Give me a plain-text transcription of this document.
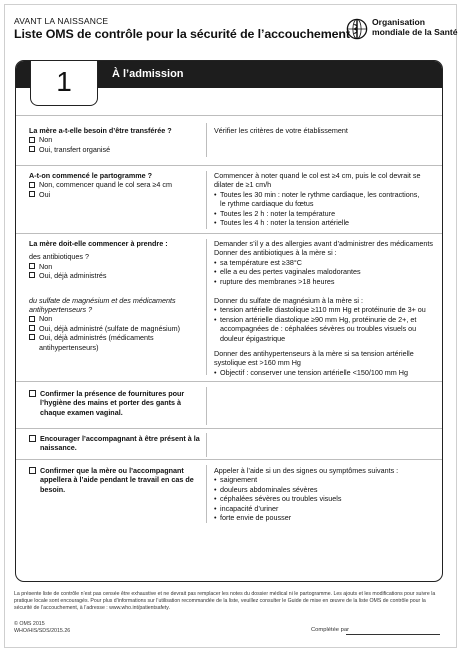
AVANT LA NAISSANCE
Liste OMS de contrôle pour la sécurité de l’accouchement
Organisation
mondiale de la Santé
À l’admission
1
La mère a-t-elle besoin d’être transférée ?
Non
Oui, transfert organisé
Vérifier les critères de votre établissement
A-t-on commencé le partogramme ?
Non, commencer quand le col sera ≥4 cm
Oui
Commencer à noter quand le col est ≥4 cm, puis le col devrait se dilater de ≥1 cm/h
• Toutes les 30 min : noter le rythme cardiaque, les contractions,
le rythme cardiaque du fœtus
• Toutes les 2 h : noter la température
• Toutes les 4 h : noter la tension artérielle
La mère doit-elle commencer à prendre :
des antibiotiques ?
Non
Oui, déjà administrés
du sulfate de magnésium et des médicaments antihypertenseurs ?
Non
Oui, déjà administré (sulfate de magnésium)
Oui, déjà administrés (médicaments antihypertenseurs)
Demander s’il y a des allergies avant d’administrer des médicaments
Donner des antibiotiques à la mère si :
• sa température est ≥38°C
• elle a eu des pertes vaginales malodorantes
• rupture des membranes >18 heures
Donner du sulfate de magnésium à la mère si :
• tension artérielle diastolique ≥110 mm Hg et protéinurie de 3+ ou
• tension artérielle diastolique ≥90 mm Hg, protéinurie de 2+, et accompagnées de : céphalées sévères ou troubles visuels ou douleur épigastrique
Donner des antihypertenseurs à la mère si sa tension artérielle systolique est >160 mm Hg
• Objectif : conserver une tension artérielle <150/100 mm Hg
Confirmer la présence de fournitures pour l’hygiène des mains et porter des gants à chaque examen vaginal.
Encourager l’accompagnant à être présent à la naissance.
Confirmer que la mère ou l’accompagnant appellera à l’aide pendant le travail en cas de besoin.
Appeler à l’aide si un des signes ou symptômes suivants :
• saignement
• douleurs abdominales sévères
• céphalées sévères ou troubles visuels
• incapacité d’uriner
• forte envie de pousser
La présente liste de contrôle n’est pas censée être exhaustive et ne devrait pas remplacer les notes du dossier médical ni le partogramme. Les ajouts et les modifications pour suivre la pratique locale sont encouragés. Pour plus d’informations sur l’utilisation recommandée de la liste, veuillez consulter le Guide de mise en œuvre de la liste OMS de contrôle pour la sécurité de l’accouchement, à l’adresse : www.who.int/patientsafety.
© OMS 2015
WHO/HIS/SDS/2015.26	Complétée par
